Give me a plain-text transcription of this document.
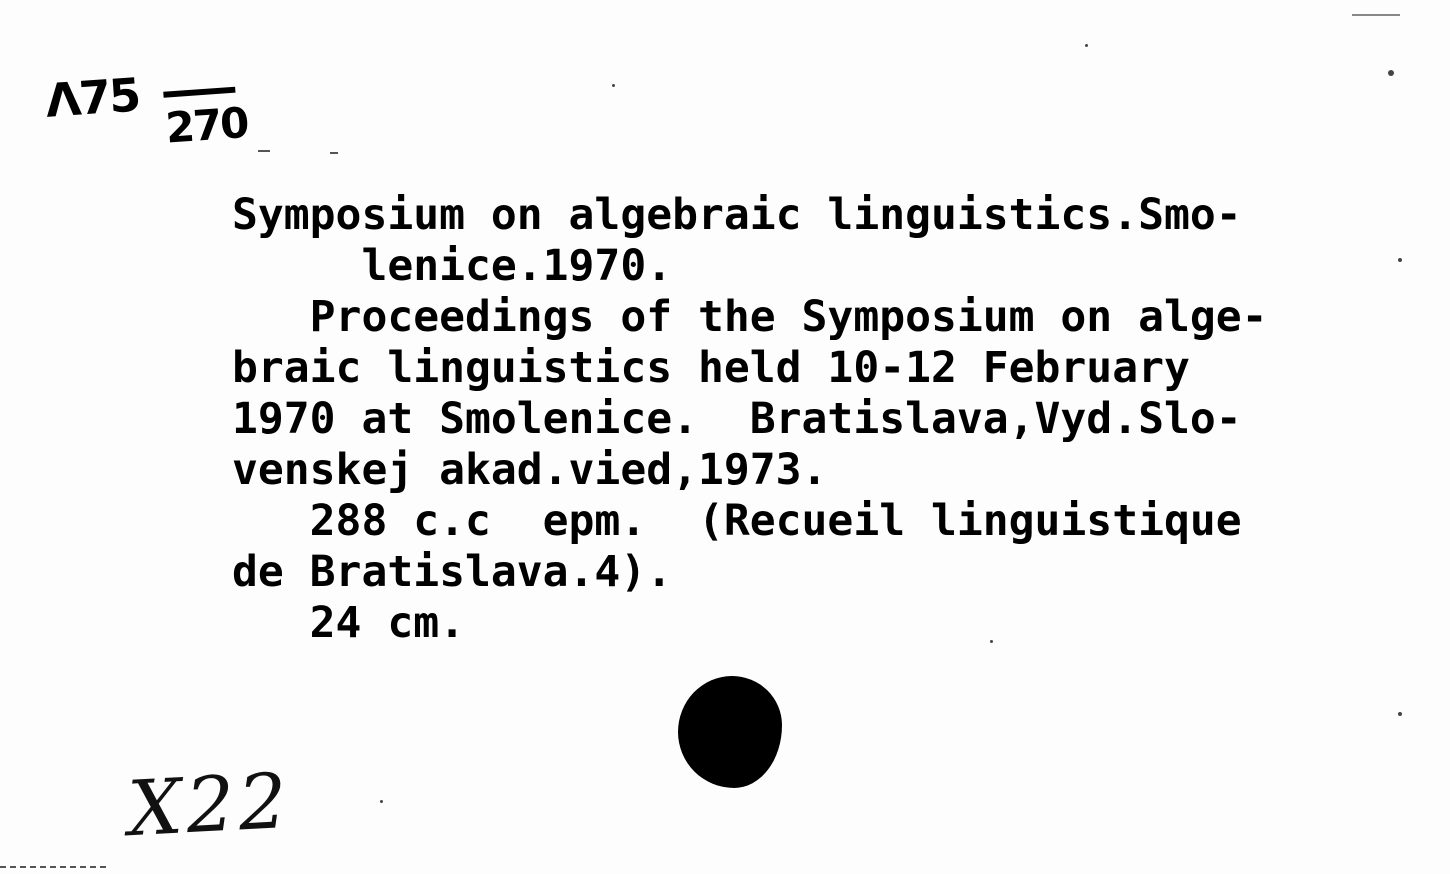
Λ75 270
Symposium on algebraic linguistics.Smo-
lenice.1970.
Proceedings of the Symposium on alge-
braic linguistics held 10-12 February
1970 at Smolenice.  Bratislava,Vyd.Slo-
venskej akad.vied,1973.
288 c.c  epm.  (Recueil linguistique
de Bratislava.4).
24 cm.
X22
